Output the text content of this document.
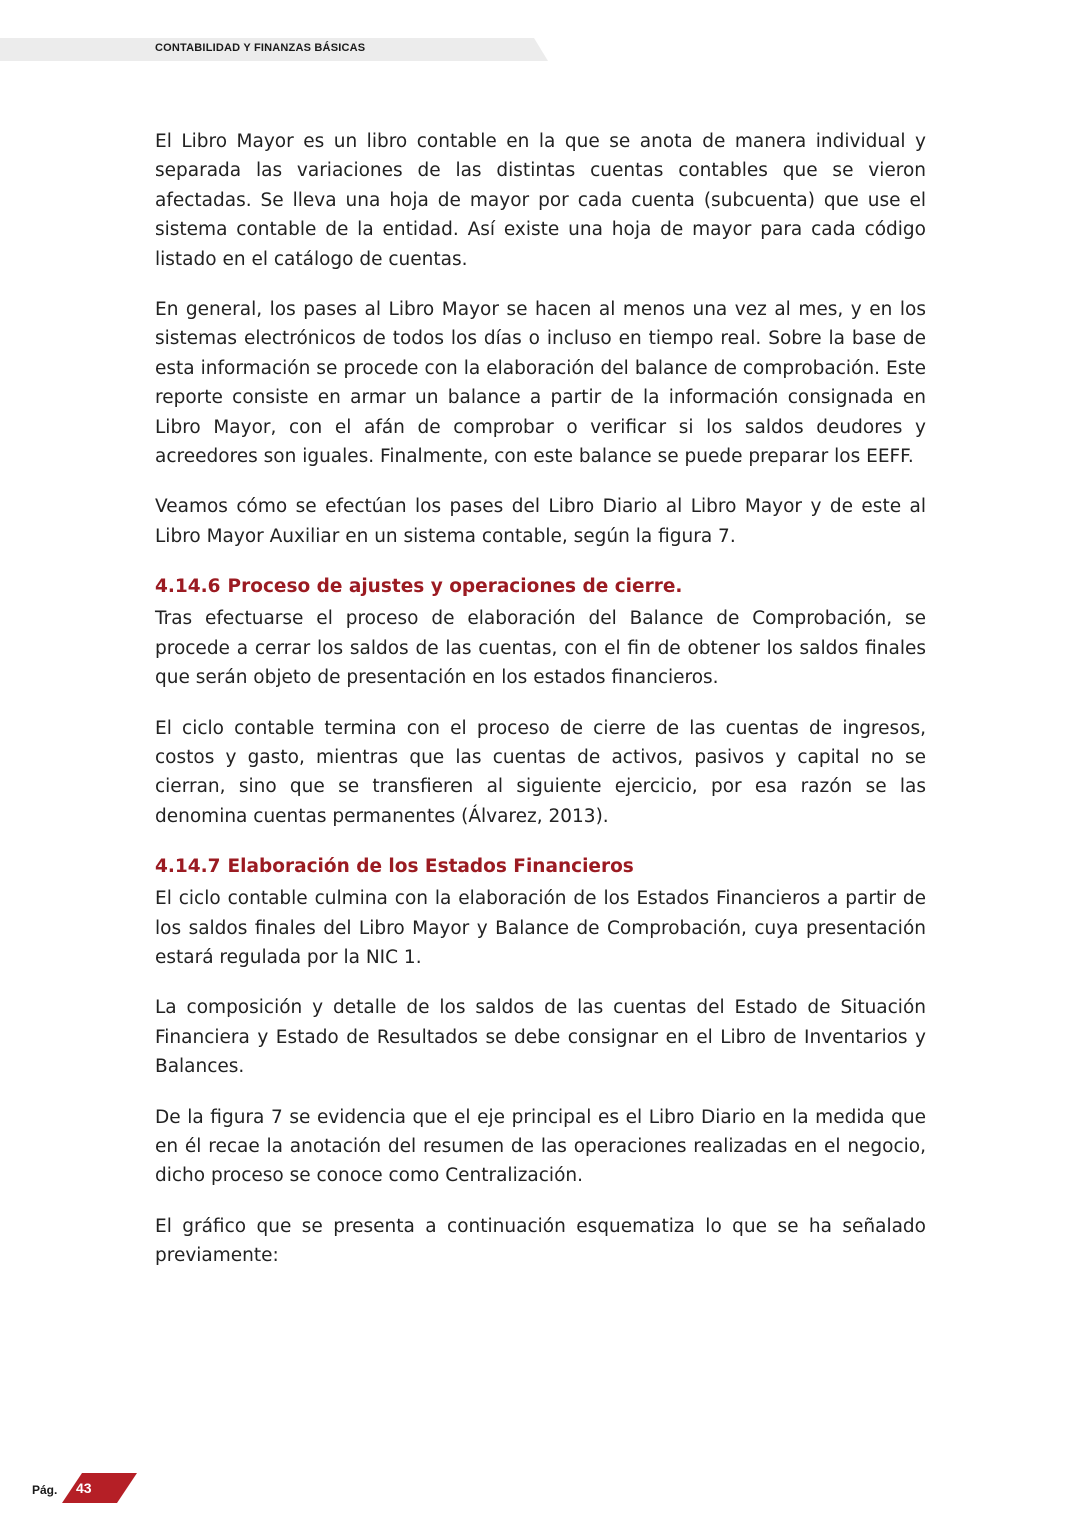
CONTABILIDAD Y FINANZAS BÁSICAS

El Libro Mayor es un libro contable en la que se anota de manera individual y separada las variaciones de las distintas cuentas contables que se vieron afectadas. Se lleva una hoja de mayor por cada cuenta (subcuenta) que use el sistema contable de la entidad. Así existe una hoja de mayor para cada código listado en el catálogo de cuentas.

En general, los pases al Libro Mayor se hacen al menos una vez al mes, y en los sistemas electrónicos de todos los días o incluso en tiempo real. Sobre la base de esta información se procede con la elaboración del balance de comprobación. Este reporte consiste en armar un balance a partir de la información consignada en Libro Mayor, con el afán de comprobar o verificar si los saldos deudores y acreedores son iguales. Finalmente, con este balance se puede preparar los EEFF.

Veamos cómo se efectúan los pases del Libro Diario al Libro Mayor y de este al Libro Mayor Auxiliar en un sistema contable, según la figura 7.

4.14.6 Proceso de ajustes y operaciones de cierre.

Tras efectuarse el proceso de elaboración del Balance de Comprobación, se procede a cerrar los saldos de las cuentas, con el fin de obtener los saldos finales que serán objeto de presentación en los estados financieros.

El ciclo contable termina con el proceso de cierre de las cuentas de ingresos, costos y gasto, mientras que las cuentas de activos, pasivos y capital no se cierran, sino que se transfieren al siguiente ejercicio, por esa razón se las denomina cuentas permanentes (Álvarez, 2013).

4.14.7 Elaboración de los Estados Financieros

El ciclo contable culmina con la elaboración de los Estados Financieros a partir de los saldos finales del Libro Mayor y Balance de Comprobación, cuya presentación estará regulada por la NIC 1.

La composición y detalle de los saldos de las cuentas del Estado de Situación Financiera y Estado de Resultados se debe consignar en el Libro de Inventarios y Balances.

De la figura 7 se evidencia que el eje principal es el Libro Diario en la medida que en él recae la anotación del resumen de las operaciones realizadas en el negocio, dicho proceso se conoce como Centralización.

El gráfico que se presenta a continuación esquematiza lo que se ha señalado previamente:

Pág. 43
